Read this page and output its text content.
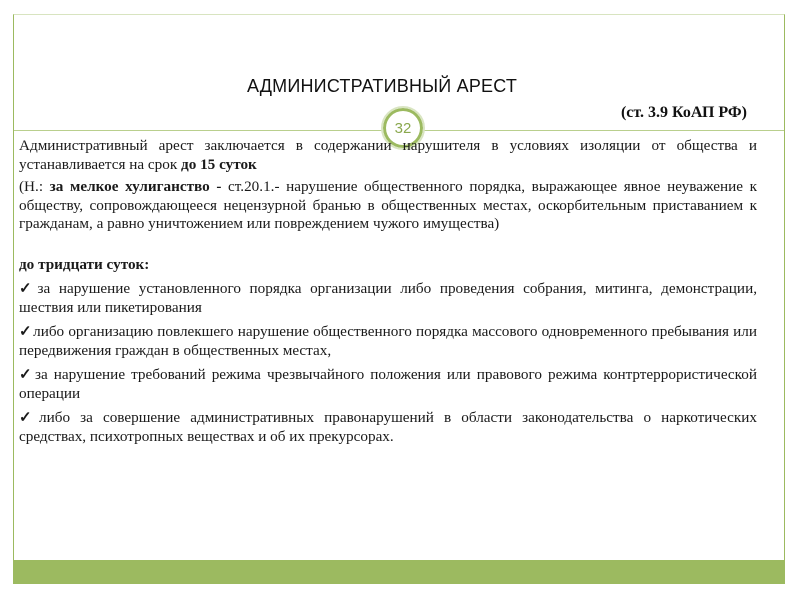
АДМИНИСТРАТИВНЫЙ АРЕСТ
(ст. 3.9 КоАП РФ)
32

Административный арест заключается в содержании нарушителя в условиях изоляции от общества и устанавливается на срок до 15 суток

(Н.: за мелкое хулиганство - ст.20.1.- нарушение общественного порядка, выражающее явное неуважение к обществу, сопровождающееся нецензурной бранью в общественных местах, оскорбительным приставанием к гражданам, а равно уничтожением или повреждением чужого имущества)

до тридцати суток:

✓за нарушение установленного порядка организации либо проведения собрания, митинга, демонстрации, шествия или пикетирования

✓либо организацию повлекшего нарушение общественного порядка массового одновременного пребывания или передвижения граждан в общественных местах,

✓за нарушение требований режима чрезвычайного положения или правового режима контртеррористической операции

✓либо за совершение административных правонарушений в области законодательства о наркотических средствах, психотропных веществах и об их прекурсорах.
